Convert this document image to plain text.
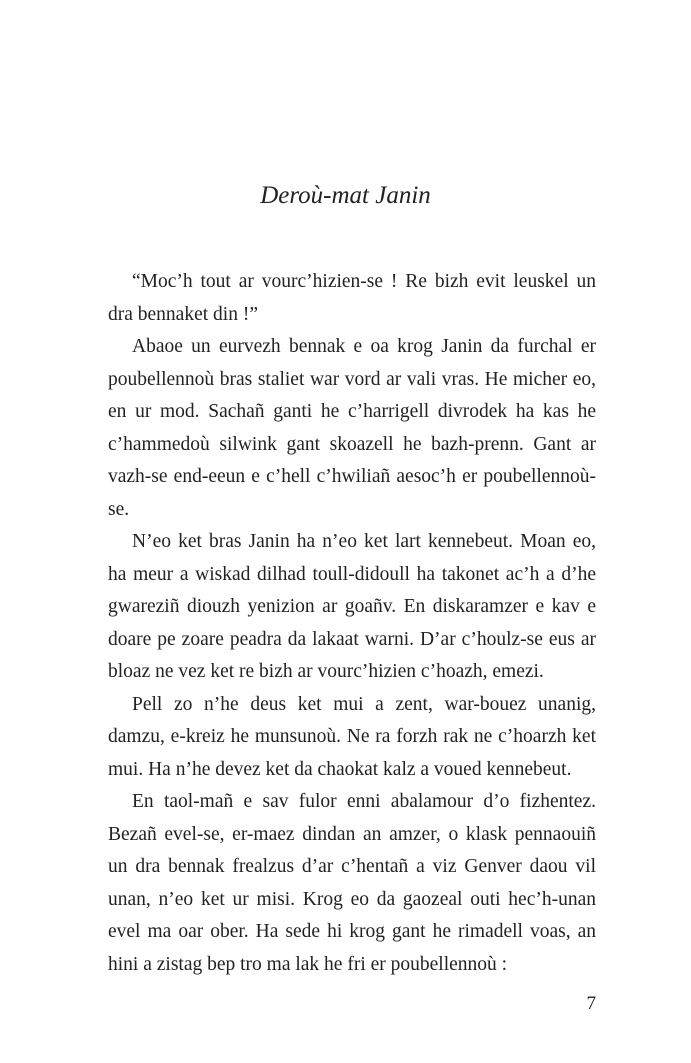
Deroù-mat Janin

“Moc’h tout ar vourc’hizien-se ! Re bizh evit leuskel un dra bennaket din !”

Abaoe un eurvezh bennak e oa krog Janin da furchal er poubellennoù bras staliet war vord ar vali vras. He micher eo, en ur mod. Sachañ ganti he c’harrigell divrodek ha kas he c’hammedoù silwink gant skoazell he bazh-prenn. Gant ar vazh-se end-eeun e c’hell c’hwiliañ aesoc’h er poubellennoù-se.

N’eo ket bras Janin ha n’eo ket lart kennebeut. Moan eo, ha meur a wiskad dilhad toull-didoull ha takonet ac’h a d’he gwareziñ diouzh yenizion ar goañv. En diskaramzer e kav e doare pe zoare peadra da lakaat warni. D’ar c’houlz-se eus ar bloaz ne vez ket re bizh ar vourc’hizien c’hoazh, emezi.

Pell zo n’he deus ket mui a zent, war-bouez unanig, damzu, e-kreiz he munsunoù. Ne ra forzh rak ne c’hoarzh ket mui. Ha n’he devez ket da chaokat kalz a voued kennebeut.

En taol-mañ e sav fulor enni abalamour d’o fizhentez. Bezañ evel-se, er-maez dindan an amzer, o klask pennaouiñ un dra bennak frealzus d’ar c’hentañ a viz Genver daou vil unan, n’eo ket ur misi. Krog eo da gaozeal outi hec’h-unan evel ma oar ober. Ha sede hi krog gant he rimadell voas, an hini a zistag bep tro ma lak he fri er poubellennoù :

7
